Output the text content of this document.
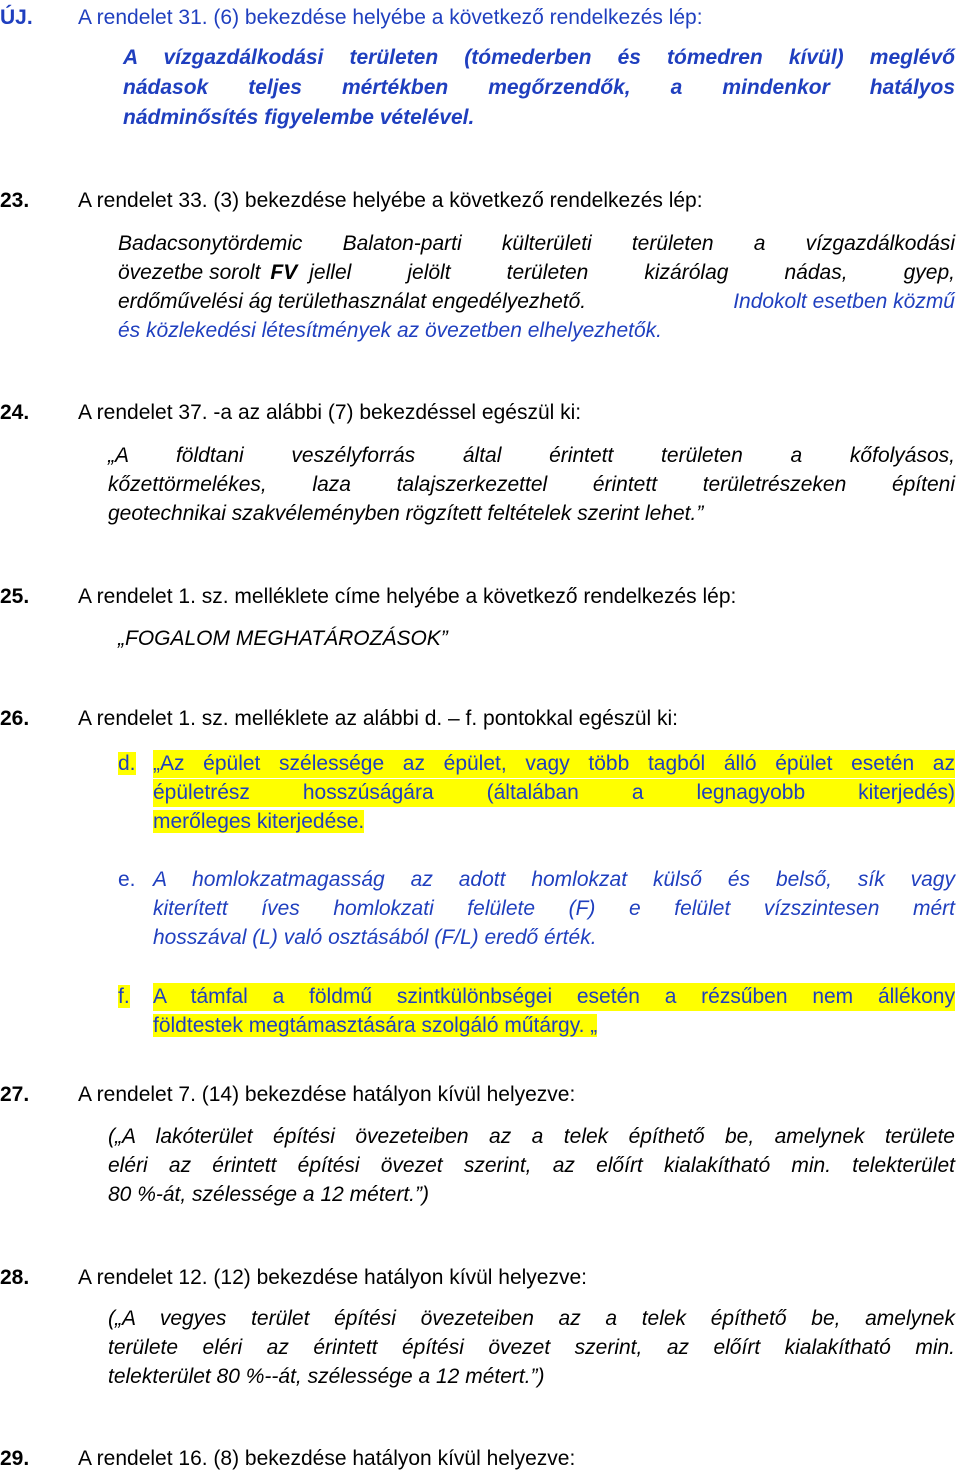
ÚJ. A rendelet 31. (6) bekezdése helyébe a következő rendelkezés lép:
A vízgazdálkodási területen (tómederben és tómedren kívül) meglévő
nádasok teljes mértékben megőrzendők, a mindenkor hatályos
nádminősítés figyelembe vételével.
23. A rendelet 33. (3) bekezdése helyébe a következő rendelkezés lép:
Badacsonytördemic Balaton-parti külterületi területen a vízgazdálkodási
övezetbe sorolt FV jellel jelölt területen kizárólag nádas, gyep,
erdőművelési ág területhasználat engedélyezhető.	Indokolt esetben közmű
és közlekedési létesítmények az övezetben elhelyezhetők.
24. A rendelet 37. -a az alábbi (7) bekezdéssel egészül ki:
„A földtani veszélyforrás által érintett területen a kőfolyásos,
kőzettörmelékes, laza talajszerkezettel érintett területrészeken építeni
geotechnikai szakvéleményben rögzített feltételek szerint lehet.”
25. A rendelet 1. sz. melléklete címe helyébe a következő rendelkezés lép:
„FOGALOM MEGHATÁROZÁSOK”
26. A rendelet 1. sz. melléklete az alábbi d. – f. pontokkal egészül ki:
d. „Az épület szélessége az épület, vagy több tagból álló épület esetén az
épületrész hosszúságára (általában a legnagyobb kiterjedés)
merőleges kiterjedése.
e. A homlokzatmagasság az adott homlokzat külső és belső, sík vagy
kiterített íves homlokzati felülete (F) e felület vízszintesen mért
hosszával (L) való osztásából (F/L) eredő érték.
f. A támfal a földmű szintkülönbségei esetén a rézsűben nem állékony
földtestek megtámasztására szolgáló műtárgy. „
27. A rendelet 7. (14) bekezdése hatályon kívül helyezve:
(„A lakóterület építési övezeteiben az a telek építhető be, amelynek területe
eléri az érintett építési övezet szerint, az előírt kialakítható min. telekterület
80 %-át, szélessége a 12 métert.”)
28. A rendelet 12. (12) bekezdése hatályon kívül helyezve:
(„A vegyes terület építési övezeteiben az a telek építhető be, amelynek
területe eléri az érintett építési övezet szerint, az előírt kialakítható min.
telekterület 80 %--át, szélessége a 12 métert.”)
29. A rendelet 16. (8) bekezdése hatályon kívül helyezve:
